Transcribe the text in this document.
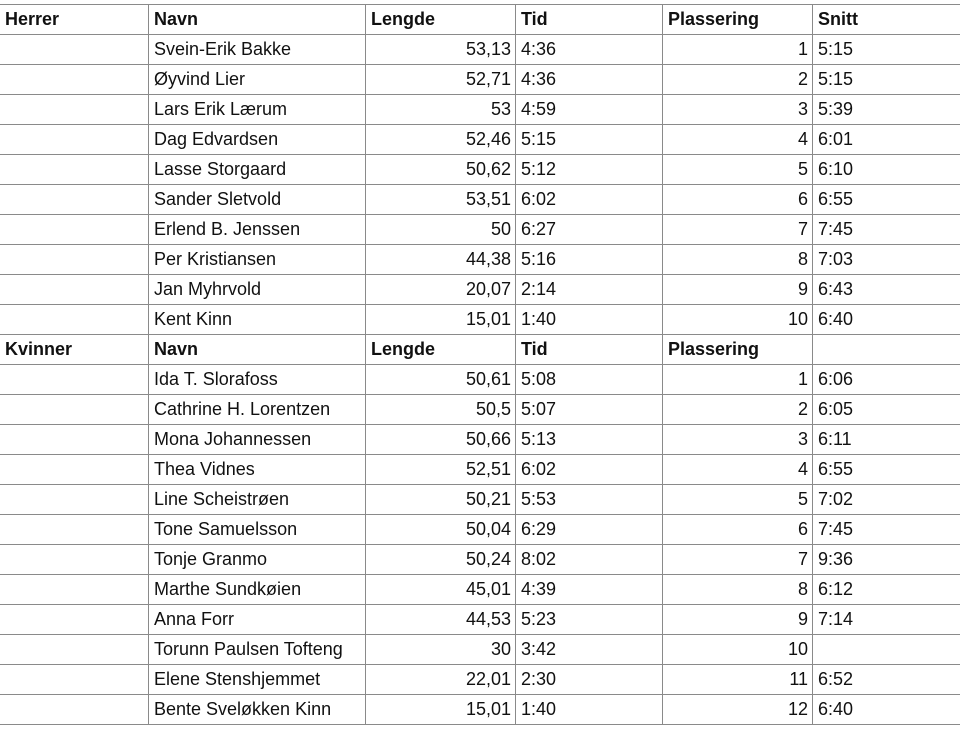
Herrer	Navn	Lengde	Tid	Plassering	Snitt
	Svein-Erik Bakke	53,13	4:36	1	5:15
	Øyvind Lier	52,71	4:36	2	5:15
	Lars Erik Lærum	53	4:59	3	5:39
	Dag Edvardsen	52,46	5:15	4	6:01
	Lasse Storgaard	50,62	5:12	5	6:10
	Sander Sletvold	53,51	6:02	6	6:55
	Erlend B. Jenssen	50	6:27	7	7:45
	Per Kristiansen	44,38	5:16	8	7:03
	Jan Myhrvold	20,07	2:14	9	6:43
	Kent Kinn	15,01	1:40	10	6:40
Kvinner	Navn	Lengde	Tid	Plassering	
	Ida T. Slorafoss	50,61	5:08	1	6:06
	Cathrine H. Lorentzen	50,5	5:07	2	6:05
	Mona Johannessen	50,66	5:13	3	6:11
	Thea Vidnes	52,51	6:02	4	6:55
	Line Scheistrøen	50,21	5:53	5	7:02
	Tone Samuelsson	50,04	6:29	6	7:45
	Tonje Granmo	50,24	8:02	7	9:36
	Marthe Sundkøien	45,01	4:39	8	6:12
	Anna Forr	44,53	5:23	9	7:14
	Torunn Paulsen Tofteng	30	3:42	10	
	Elene Stenshjemmet	22,01	2:30	11	6:52
	Bente Sveløkken Kinn	15,01	1:40	12	6:40
